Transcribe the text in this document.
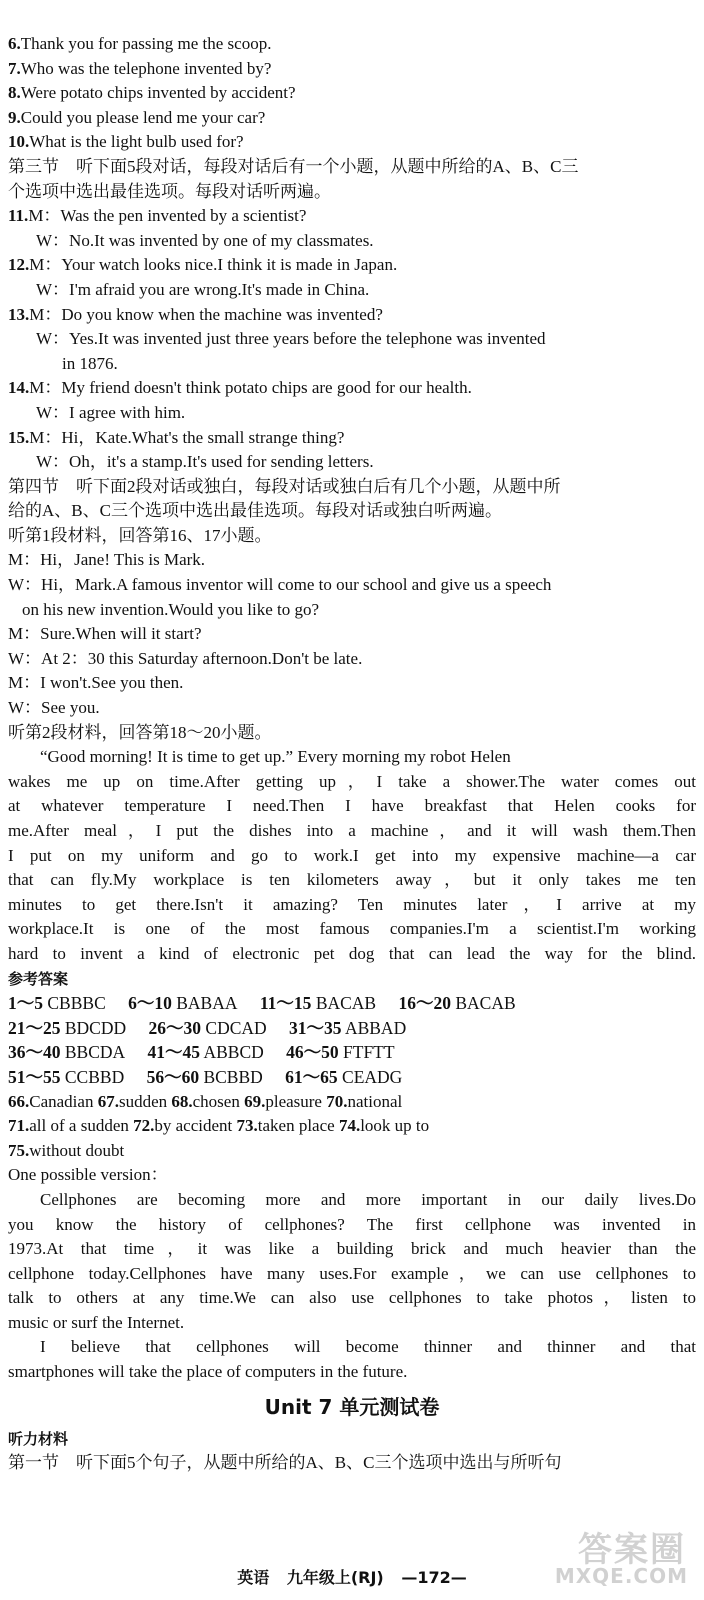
6.Thank you for passing me the scoop.
7.Who was the telephone invented by?
8.Were potato chips invented by accident?
9.Could you please lend me your car?
10.What is the light bulb used for?
第三节　听下面5段对话，每段对话后有一个小题，从题中所给的A、B、C三
个选项中选出最佳选项。每段对话听两遍。
11.M：Was the pen invented by a scientist?
W：No.It was invented by one of my classmates.
12.M：Your watch looks nice.I think it is made in Japan.
W：I'm afraid you are wrong.It's made in China.
13.M：Do you know when the machine was invented?
W：Yes.It was invented just three years before the telephone was invented
in 1876.
14.M：My friend doesn't think potato chips are good for our health.
W：I agree with him.
15.M：Hi，Kate.What's the small strange thing?
W：Oh，it's a stamp.It's used for sending letters.
第四节　听下面2段对话或独白，每段对话或独白后有几个小题，从题中所
给的A、B、C三个选项中选出最佳选项。每段对话或独白听两遍。
听第1段材料，回答第16、17小题。
M：Hi，Jane! This is Mark.
W：Hi，Mark.A famous inventor will come to our school and give us a speech
on his new invention.Would you like to go?
M：Sure.When will it start?
W：At 2：30 this Saturday afternoon.Don't be late.
M：I won't.See you then.
W：See you.
听第2段材料，回答第18～20小题。
“Good morning! It is time to get up.” Every morning my robot Helen
wakes me up on time.After getting up，I take a shower.The water comes out
at whatever temperature I need.Then I have breakfast that Helen cooks for
me.After meal，I put the dishes into a machine，and it will wash them.Then
I put on my uniform and go to work.I get into my expensive machine—a car
that can fly.My workplace is ten kilometers away，but it only takes me ten
minutes to get there.Isn't it amazing? Ten minutes later，I arrive at my
workplace.It is one of the most famous companies.I'm a scientist.I'm working
hard to invent a kind of electronic pet dog that can lead the way for the blind.
参考答案
1～5 CBBBC 6～10 BABAA 11～15 BACAB 16～20 BACAB
21～25 BDCDD 26～30 CDCAD 31～35 ABBAD
36～40 BBCDA 41～45 ABBCD 46～50 FTFTT
51～55 CCBBD 56～60 BCBBD 61～65 CEADG
66.Canadian 67.sudden 68.chosen 69.pleasure 70.national
71.all of a sudden 72.by accident 73.taken place 74.look up to
75.without doubt
One possible version：
Cellphones are becoming more and more important in our daily lives.Do
you know the history of cellphones? The first cellphone was invented in
1973.At that time，it was like a building brick and much heavier than the
cellphone today.Cellphones have many uses.For example，we can use cellphones to
talk to others at any time.We can also use cellphones to take photos，listen to
music or surf the Internet.
I believe that cellphones will become thinner and thinner and that
smartphones will take the place of computers in the future.
Unit 7 单元测试卷
听力材料
第一节　听下面5个句子，从题中所给的A、B、C三个选项中选出与所听句
英语 九年级上(RJ) —172—
答案圈
MXQE.COM
